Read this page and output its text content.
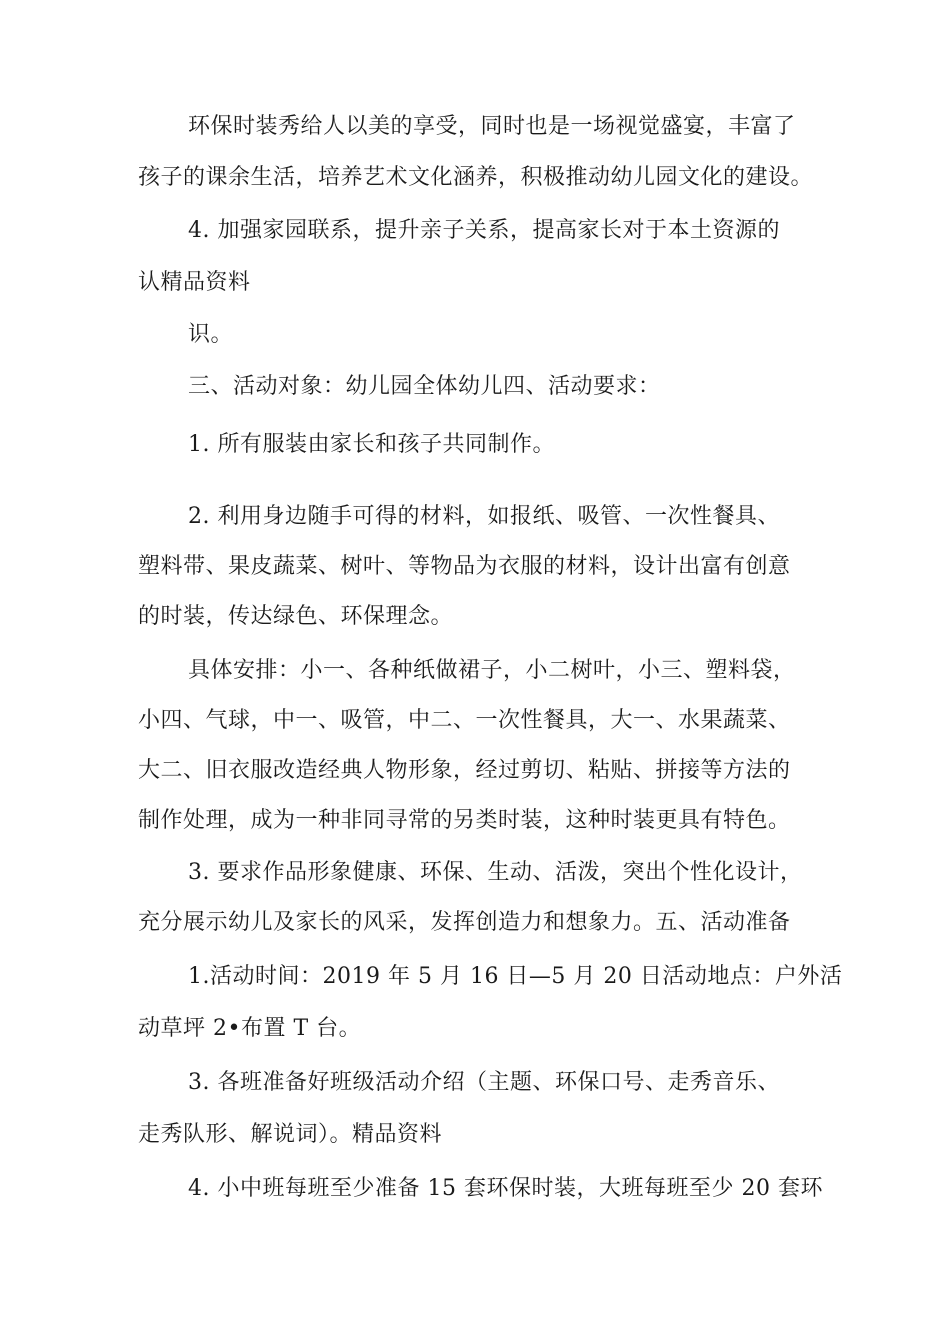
环保时装秀给人以美的享受，同时也是一场视觉盛宴，丰富了
孩子的课余生活，培养艺术文化涵养，积极推动幼儿园文化的建设。
4. 加强家园联系，提升亲子关系，提高家长对于本土资源的
认精品资料
识。
三、活动对象：幼儿园全体幼儿四、活动要求：
1. 所有服装由家长和孩子共同制作。
2. 利用身边随手可得的材料，如报纸、吸管、一次性餐具、
塑料带、果皮蔬菜、树叶、等物品为衣服的材料，设计出富有创意
的时装，传达绿色、环保理念。
具体安排：小一、各种纸做裙子，小二树叶，小三、塑料袋，
小四、气球，中一、吸管，中二、一次性餐具，大一、水果蔬菜、
大二、旧衣服改造经典人物形象，经过剪切、粘贴、拼接等方法的
制作处理，成为一种非同寻常的另类时装，这种时装更具有特色。
3. 要求作品形象健康、环保、生动、活泼，突出个性化设计，
充分展示幼儿及家长的风采，发挥创造力和想象力。五、活动准备
1.活动时间：2019 年 5 月 16 日—5 月 20 日活动地点：户外活
动草坪 2•布置 T 台。
3. 各班准备好班级活动介绍（主题、环保口号、走秀音乐、
走秀队形、解说词）。精品资料
4. 小中班每班至少准备 15 套环保时装，大班每班至少 20 套环
